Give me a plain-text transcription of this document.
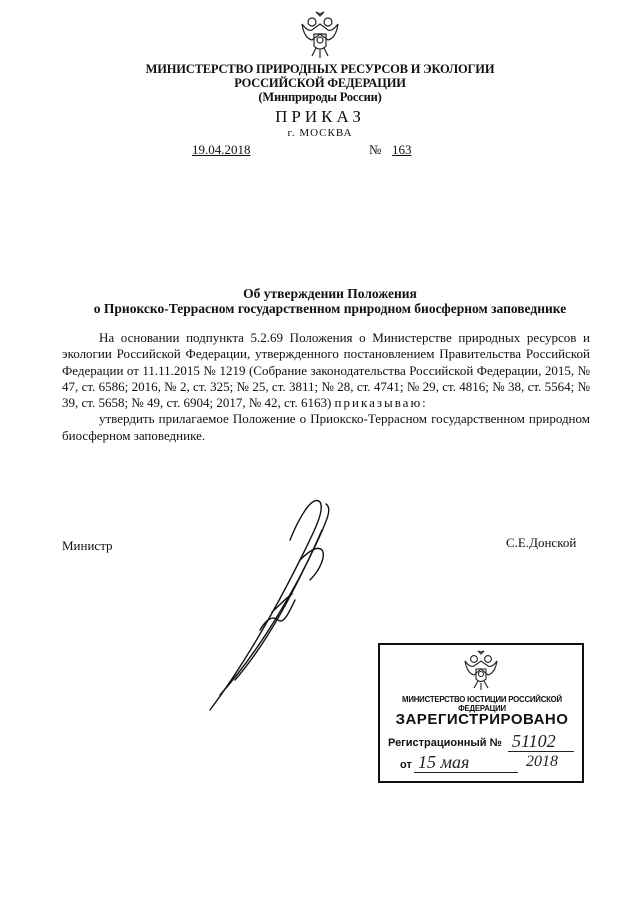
МИНИСТЕРСТВО ПРИРОДНЫХ РЕСУРСОВ И ЭКОЛОГИИ
РОССИЙСКОЙ ФЕДЕРАЦИИ
(Минприроды России)
ПРИКАЗ
г. МОСКВА
19.04.2018	№ 163
Об утверждении Положения
о Приокско-Террасном государственном природном биосферном заповеднике

На основании подпункта 5.2.69 Положения о Министерстве природных ресурсов и экологии Российской Федерации, утвержденного постановлением Правительства Российской Федерации от 11.11.2015 № 1219 (Собрание законодательства Российской Федерации, 2015, № 47, ст. 6586; 2016, № 2, ст. 325; № 25, ст. 3811; № 28, ст. 4741; № 29, ст. 4816; № 38, ст. 5564; № 39, ст. 5658; № 49, ст. 6904; 2017, № 42, ст. 6163) приказываю:

утвердить прилагаемое Положение о Приокско-Террасном государственном природном биосферном заповеднике.

Министр	С.Е.Донской
МИНИСТЕРСТВО ЮСТИЦИИ РОССИЙСКОЙ ФЕДЕРАЦИИ
ЗАРЕГИСТРИРОВАНО
Регистрационный № 51102
от 15 мая	2018
